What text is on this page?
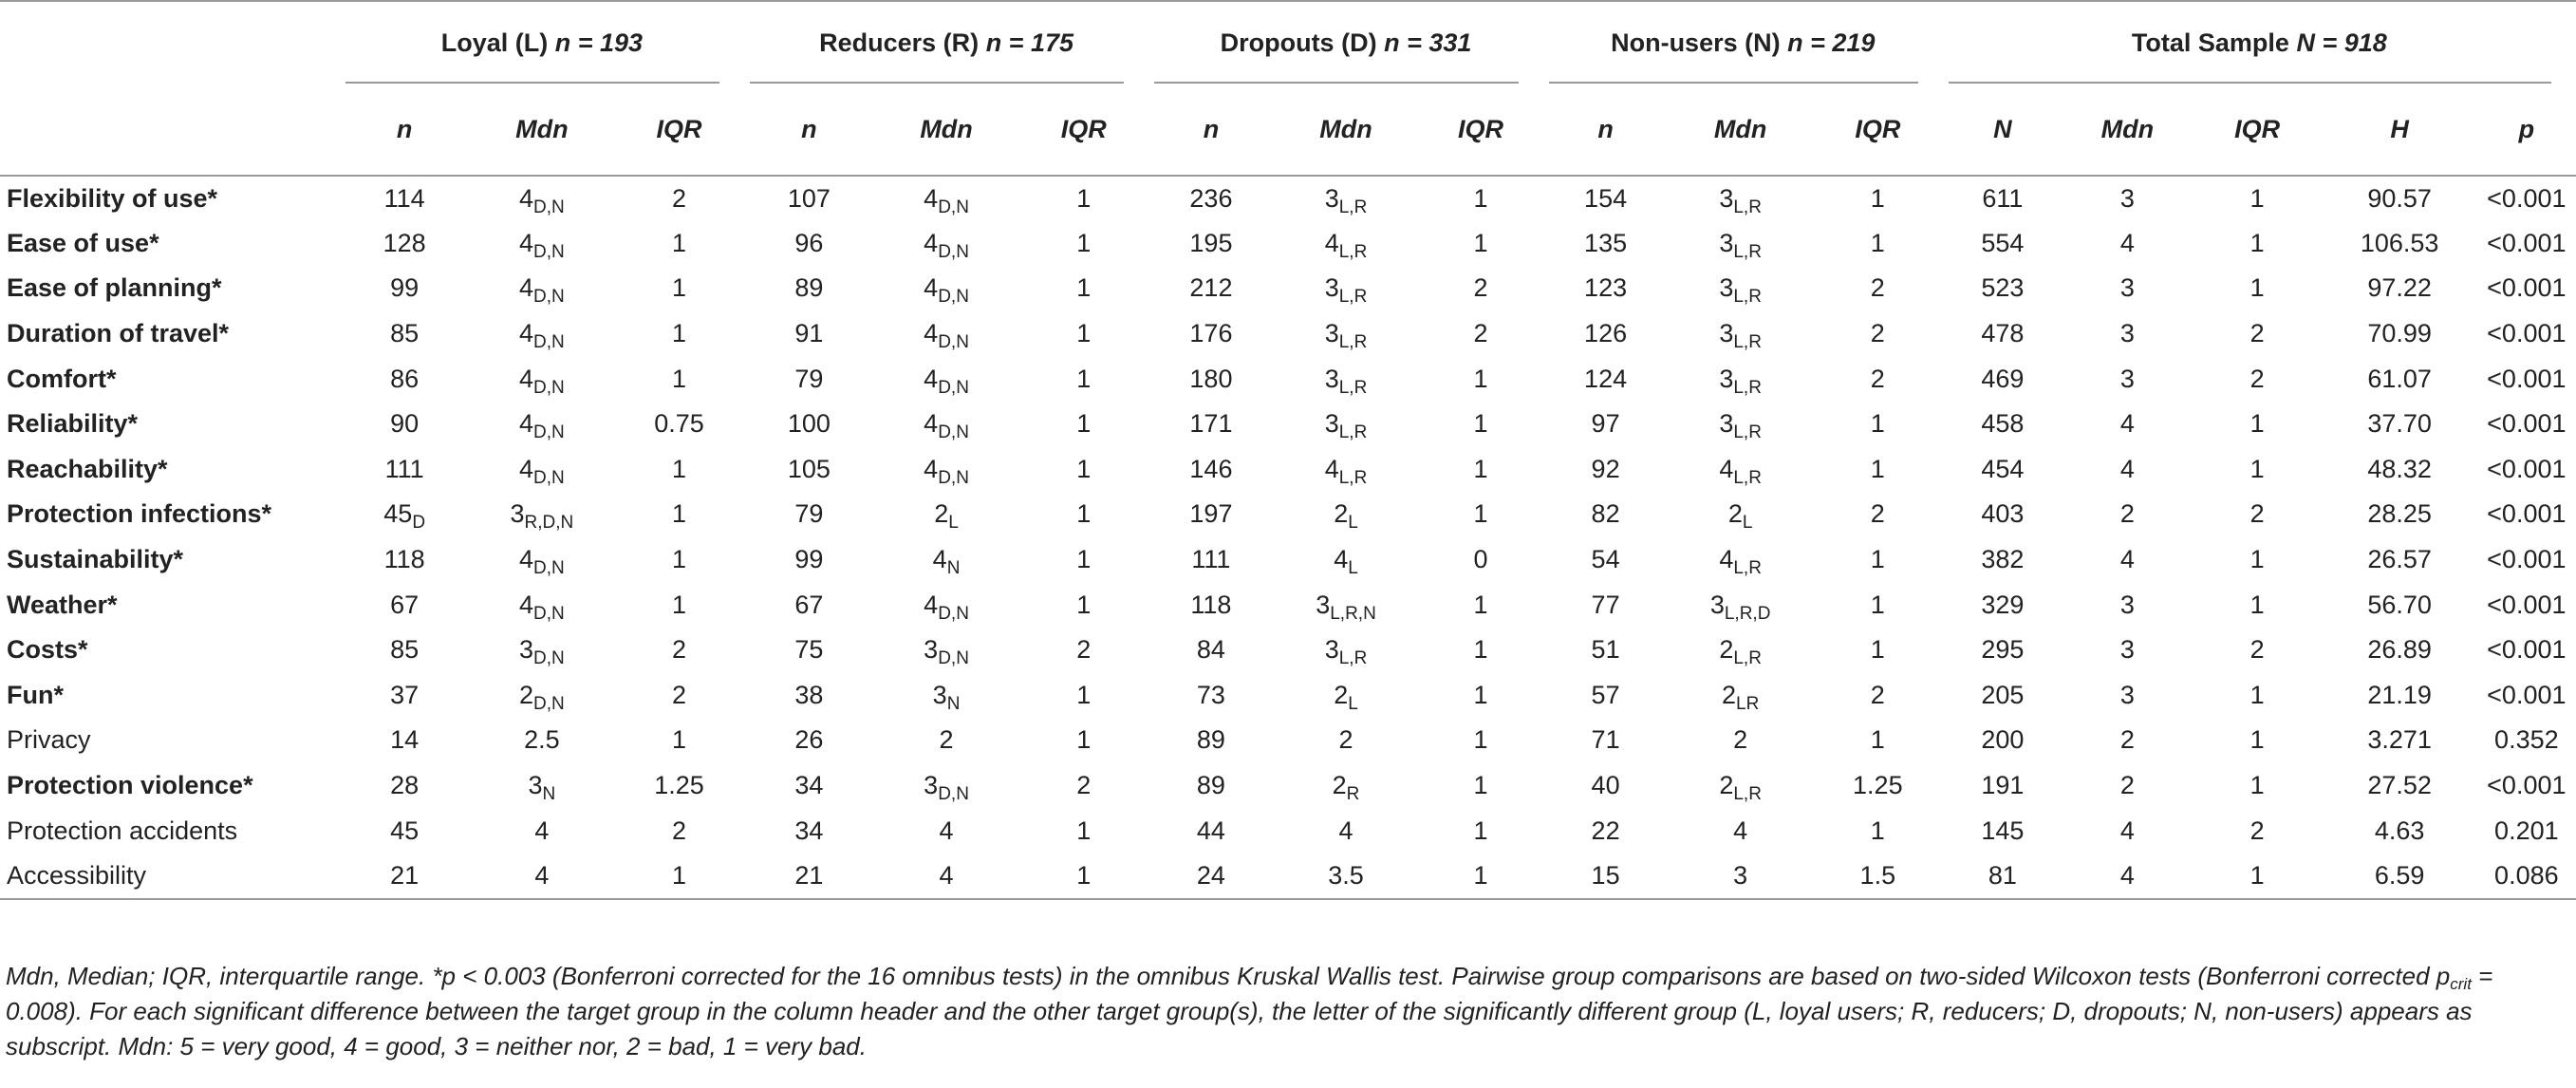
	Loyal (L) n = 193			Reducers (R) n = 175			Dropouts (D) n = 331			Non-users (N) n = 219			Total Sample N = 918				

	n	Mdn	IQR	n	Mdn	IQR	n	Mdn	IQR	n	Mdn	IQR	N	Mdn	IQR	H	p
Flexibility of use*	114	$4_{D,N}$	2	107	$4_{D,N}$	1	236	$3_{L,R}$	1	154	$3_{L,R}$	1	611	3	1	90.57	<0.001
Ease of use*	128	$4_{D,N}$	1	96	$4_{D,N}$	1	195	$4_{L,R}$	1	135	$3_{L,R}$	1	554	4	1	106.53	<0.001
Ease of planning*	99	$4_{D,N}$	1	89	$4_{D,N}$	1	212	$3_{L,R}$	2	123	$3_{L,R}$	2	523	3	1	97.22	<0.001
Duration of travel*	85	$4_{D,N}$	1	91	$4_{D,N}$	1	176	$3_{L,R}$	2	126	$3_{L,R}$	2	478	3	2	70.99	<0.001
Comfort*	86	$4_{D,N}$	1	79	$4_{D,N}$	1	180	$3_{L,R}$	1	124	$3_{L,R}$	2	469	3	2	61.07	<0.001
Reliability*	90	$4_{D,N}$	0.75	100	$4_{D,N}$	1	171	$3_{L,R}$	1	97	$3_{L,R}$	1	458	4	1	37.70	<0.001
Reachability*	111	$4_{D,N}$	1	105	$4_{D,N}$	1	146	$4_{L,R}$	1	92	$4_{L,R}$	1	454	4	1	48.32	<0.001
Protection infections*	$45_D$	$3_{R,D,N}$	1	79	$2_L$	1	197	$2_L$	1	82	$2_L$	2	403	2	2	28.25	<0.001
Sustainability*	118	$4_{D,N}$	1	99	$4_N$	1	111	$4_L$	0	54	$4_{L,R}$	1	382	4	1	26.57	<0.001
Weather*	67	$4_{D,N}$	1	67	$4_{D,N}$	1	118	$3_{L,R,N}$	1	77	$3_{L,R,D}$	1	329	3	1	56.70	<0.001
Costs*	85	$3_{D,N}$	2	75	$3_{D,N}$	2	84	$3_{L,R}$	1	51	$2_{L,R}$	1	295	3	2	26.89	<0.001
Fun*	37	$2_{D,N}$	2	38	$3_N$	1	73	$2_L$	1	57	$2_{LR}$	2	205	3	1	21.19	<0.001
Privacy	14	2.5	1	26	2	1	89	2	1	71	2	1	200	2	1	3.271	0.352
Protection violence*	28	$3_N$	1.25	34	$3_{D,N}$	2	89	$2_R$	1	40	$2_{L,R}$	1.25	191	2	1	27.52	<0.001
Protection accidents	45	4	2	34	4	1	44	4	1	22	4	1	145	4	2	4.63	0.201
Accessibility	21	4	1	21	4	1	24	3.5	1	15	3	1.5	81	4	1	6.59	0.086
Mdn, Median; IQR, interquartile range. *p < 0.003 (Bonferroni corrected for the 16 omnibus tests) in the omnibus Kruskal Wallis test. Pairwise group comparisons are based on two-sided Wilcoxon tests (Bonferroni corrected $p_{crit} = 0.008$). For each significant difference between the target group in the column header and the other target group(s), the letter of the significantly different group (L, loyal users; R, reducers; D, dropouts; N, non-users) appears as subscript. Mdn: 5 = very good, 4 = good, 3 = neither nor, 2 = bad, 1 = very bad.
